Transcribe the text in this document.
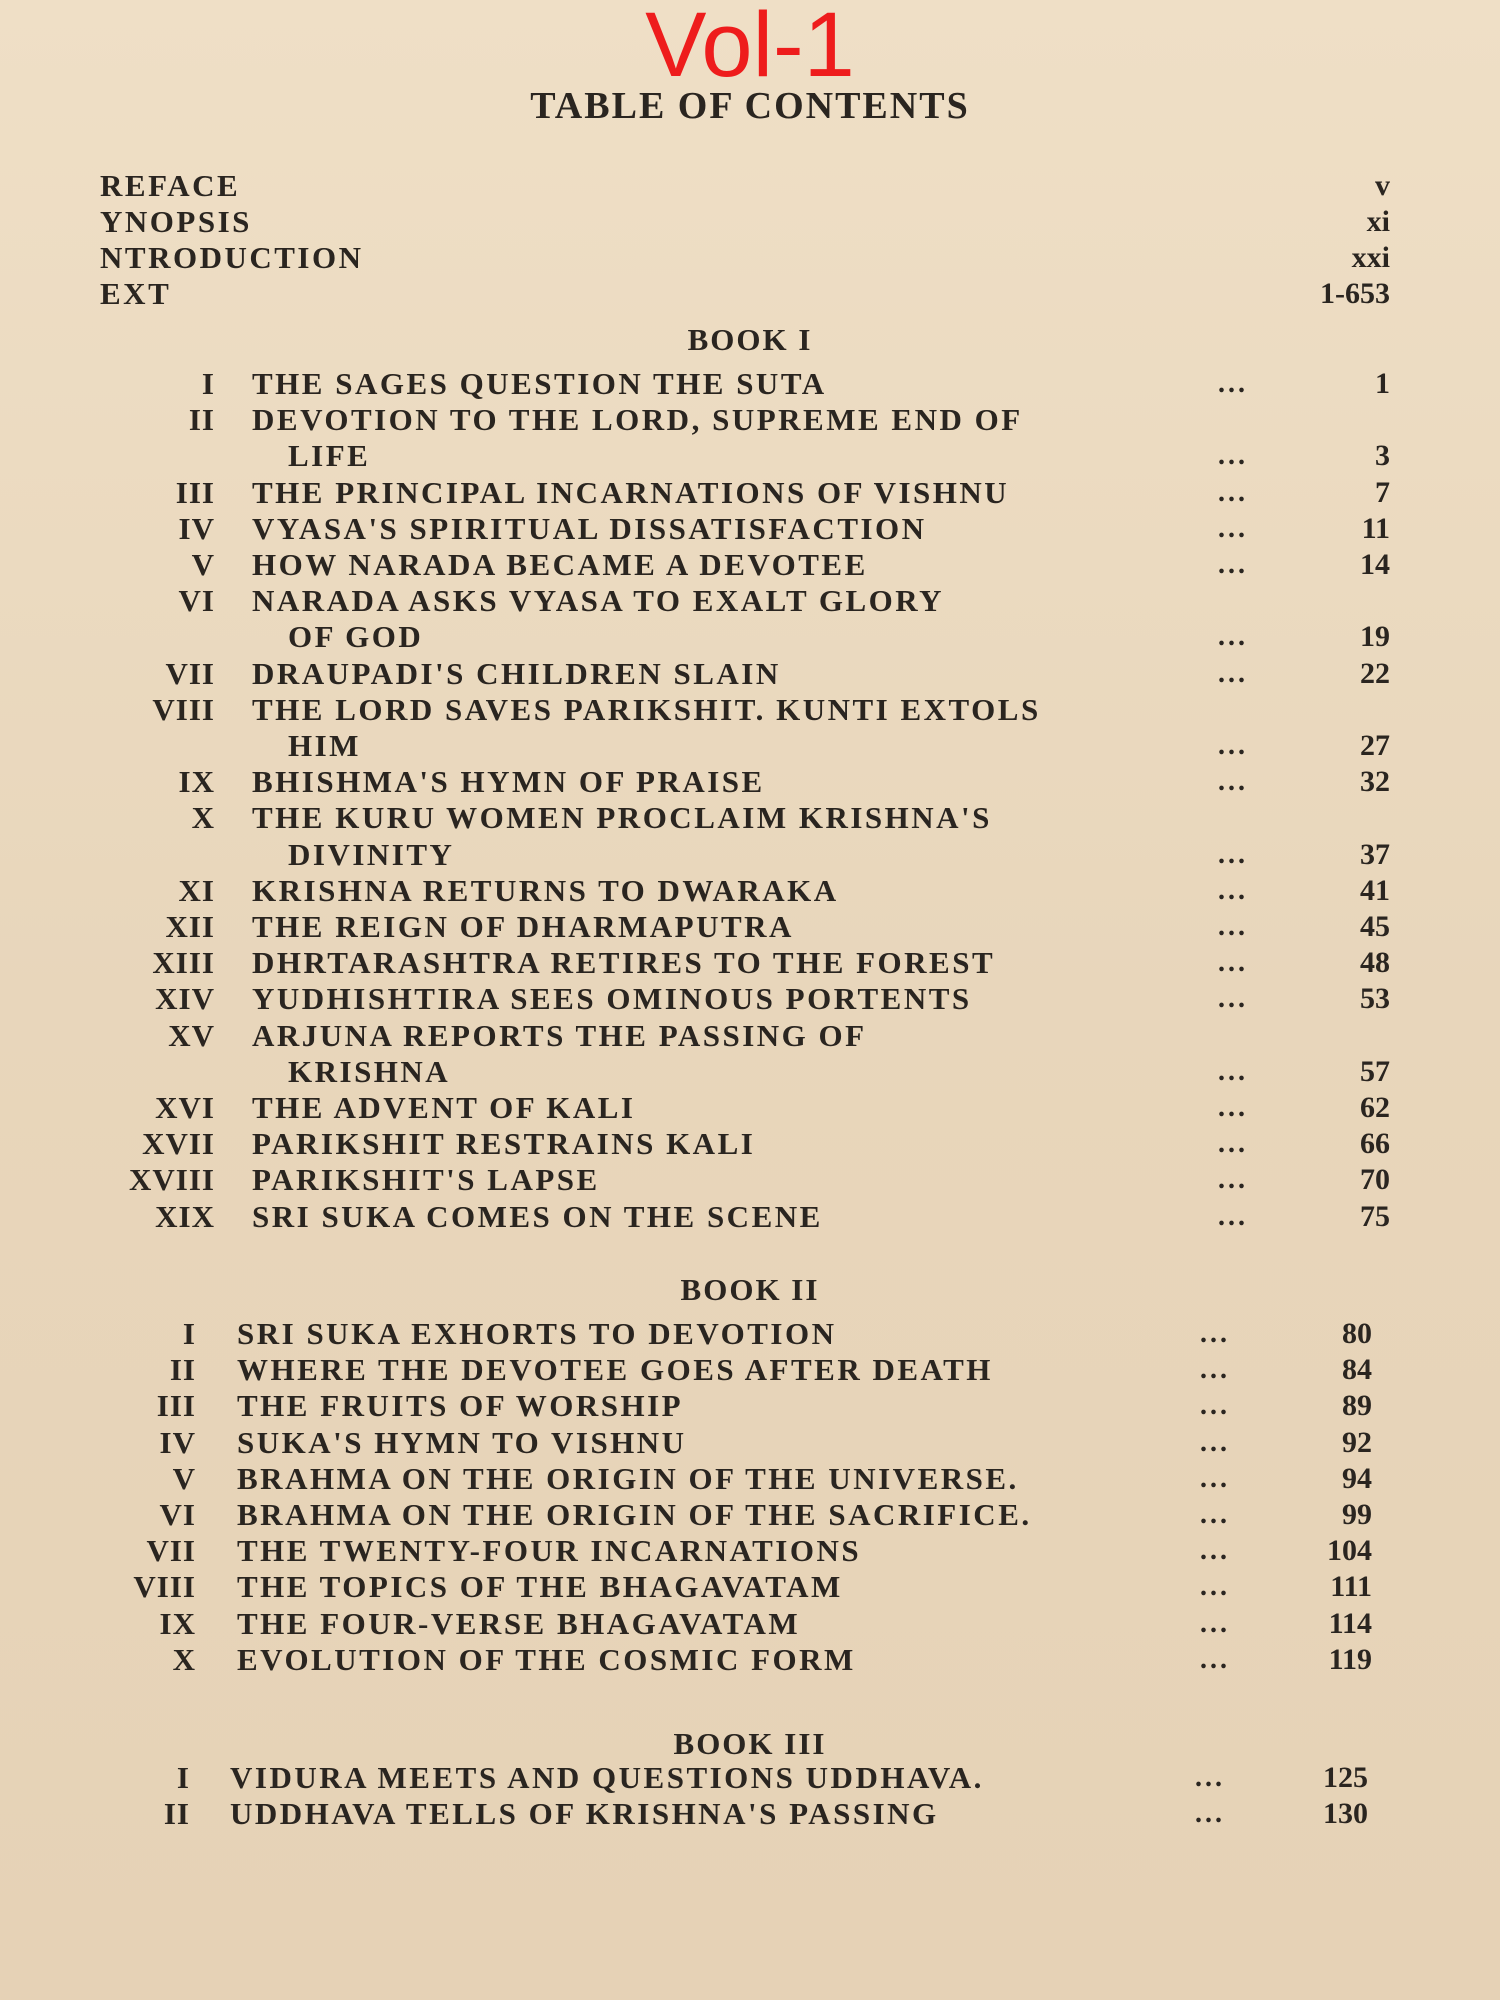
Vol-1
TABLE OF CONTENTS
REFACE	v
YNOPSIS	xi
NTRODUCTION	xxi
EXT	1-653
BOOK I
I THE SAGES QUESTION THE SUTA	...	1
II DEVOTION TO THE LORD, SUPREME END OF
LIFE	...	3
III THE PRINCIPAL INCARNATIONS OF VISHNU	...	7
IV VYASA'S SPIRITUAL DISSATISFACTION	...	11
V HOW NARADA BECAME A DEVOTEE	...	14
VI NARADA ASKS VYASA TO EXALT GLORY
OF GOD	...	19
VII DRAUPADI'S CHILDREN SLAIN	...	22
VIII THE LORD SAVES PARIKSHIT. KUNTI EXTOLS
HIM	...	27
IX BHISHMA'S HYMN OF PRAISE	...	32
X THE KURU WOMEN PROCLAIM KRISHNA'S
DIVINITY	...	37
XI KRISHNA RETURNS TO DWARAKA	...	41
XII THE REIGN OF DHARMAPUTRA	...	45
XIII DHRTARASHTRA RETIRES TO THE FOREST	...	48
XIV YUDHISHTIRA SEES OMINOUS PORTENTS	...	53
XV ARJUNA REPORTS THE PASSING OF
KRISHNA	...	57
XVI THE ADVENT OF KALI	...	62
XVII PARIKSHIT RESTRAINS KALI	...	66
XVIII PARIKSHIT'S LAPSE	...	70
XIX SRI SUKA COMES ON THE SCENE	...	75
BOOK II
I SRI SUKA EXHORTS TO DEVOTION	...	80
II WHERE THE DEVOTEE GOES AFTER DEATH	...	84
III THE FRUITS OF WORSHIP	...	89
IV SUKA'S HYMN TO VISHNU	...	92
V BRAHMA ON THE ORIGIN OF THE UNIVERSE.	...	94
VI BRAHMA ON THE ORIGIN OF THE SACRIFICE.	...	99
VII THE TWENTY-FOUR INCARNATIONS	...	104
VIII THE TOPICS OF THE BHAGAVATAM	...	111
IX THE FOUR-VERSE BHAGAVATAM	...	114
X EVOLUTION OF THE COSMIC FORM	...	119
BOOK III
I VIDURA MEETS AND QUESTIONS UDDHAVA.	...	125
II UDDHAVA TELLS OF KRISHNA'S PASSING	...	130
